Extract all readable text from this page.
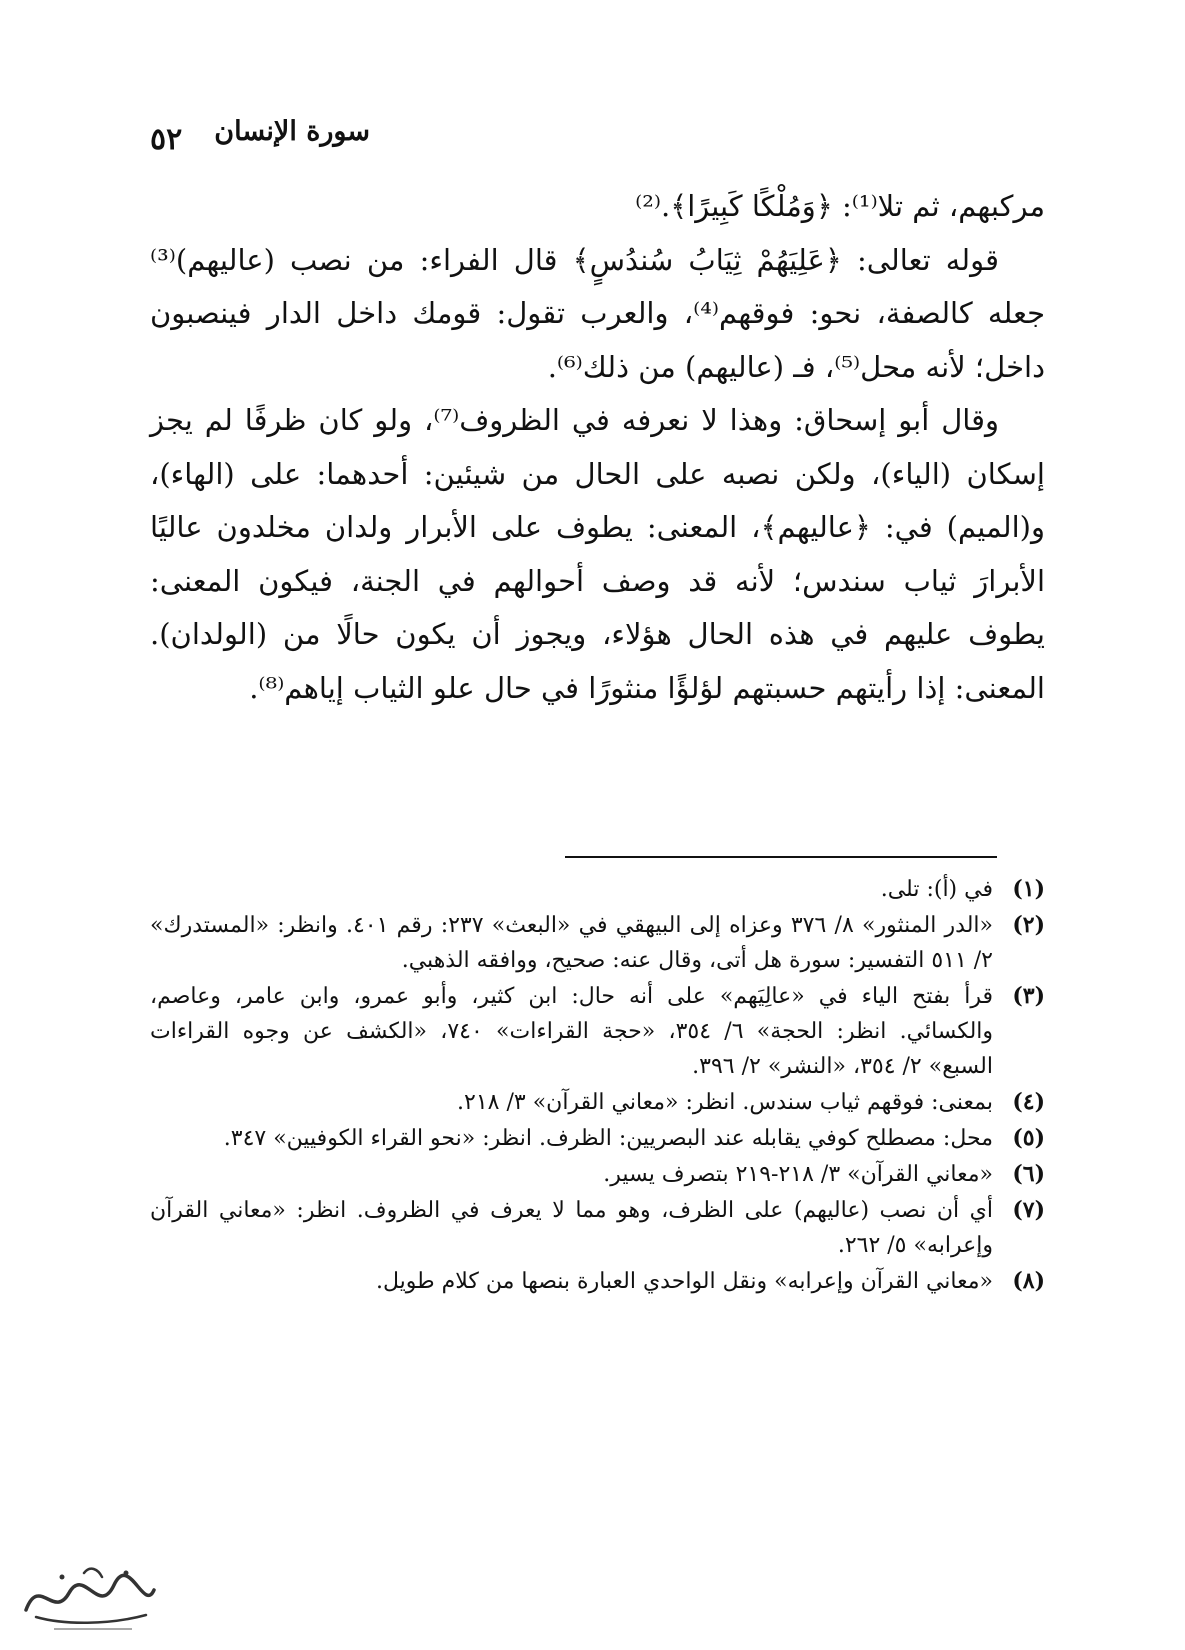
سورة الإنسان
٥٢

مركبهم، ثم تلا⁽¹⁾: ﴿وَمُلْكًا كَبِيرًا﴾.⁽²⁾

قوله تعالى: ﴿عَلِيَهُمْ ثِيَابُ سُندُسٍ﴾ قال الفراء: من نصب (عاليهم)⁽³⁾ جعله كالصفة، نحو: فوقهم⁽⁴⁾، والعرب تقول: قومك داخل الدار فينصبون داخل؛ لأنه محل⁽⁵⁾، فـ (عاليهم) من ذلك⁽⁶⁾.

وقال أبو إسحاق: وهذا لا نعرفه في الظروف⁽⁷⁾، ولو كان ظرفًا لم يجز إسكان (الياء)، ولكن نصبه على الحال من شيئين: أحدهما: على (الهاء)، و(الميم) في: ﴿عاليهم﴾، المعنى: يطوف على الأبرار ولدان مخلدون عاليًا الأبرارَ ثياب سندس؛ لأنه قد وصف أحوالهم في الجنة، فيكون المعنى: يطوف عليهم في هذه الحال هؤلاء، ويجوز أن يكون حالًا من (الولدان). المعنى: إذا رأيتهم حسبتهم لؤلؤًا منثورًا في حال علو الثياب إياهم⁽⁸⁾.

(١)
في (أ): تلى.
(٢)
«الدر المنثور» ٨/ ٣٧٦ وعزاه إلى البيهقي في «البعث» ٢٣٧: رقم ٤٠١. وانظر: «المستدرك» ٢/ ٥١١ التفسير: سورة هل أتى، وقال عنه: صحيح، ووافقه الذهبي.
(٣)
قرأ بفتح الياء في «عالِيَهم» على أنه حال: ابن كثير، وأبو عمرو، وابن عامر، وعاصم، والكسائي. انظر: الحجة» ٦/ ٣٥٤، «حجة القراءات» ٧٤٠، «الكشف عن وجوه القراءات السبع» ٢/ ٣٥٤، «النشر» ٢/ ٣٩٦.
(٤)
بمعنى: فوقهم ثياب سندس. انظر: «معاني القرآن» ٣/ ٢١٨.
(٥)
محل: مصطلح كوفي يقابله عند البصريين: الظرف. انظر: «نحو القراء الكوفيين» ٣٤٧.
(٦)
«معاني القرآن» ٣/ ٢١٨-٢١٩ بتصرف يسير.
(٧)
أي أن نصب (عاليهم) على الظرف، وهو مما لا يعرف في الظروف. انظر: «معاني القرآن وإعرابه» ٥/ ٢٦٢.
(٨)
«معاني القرآن وإعرابه» ونقل الواحدي العبارة بنصها من كلام طويل.
